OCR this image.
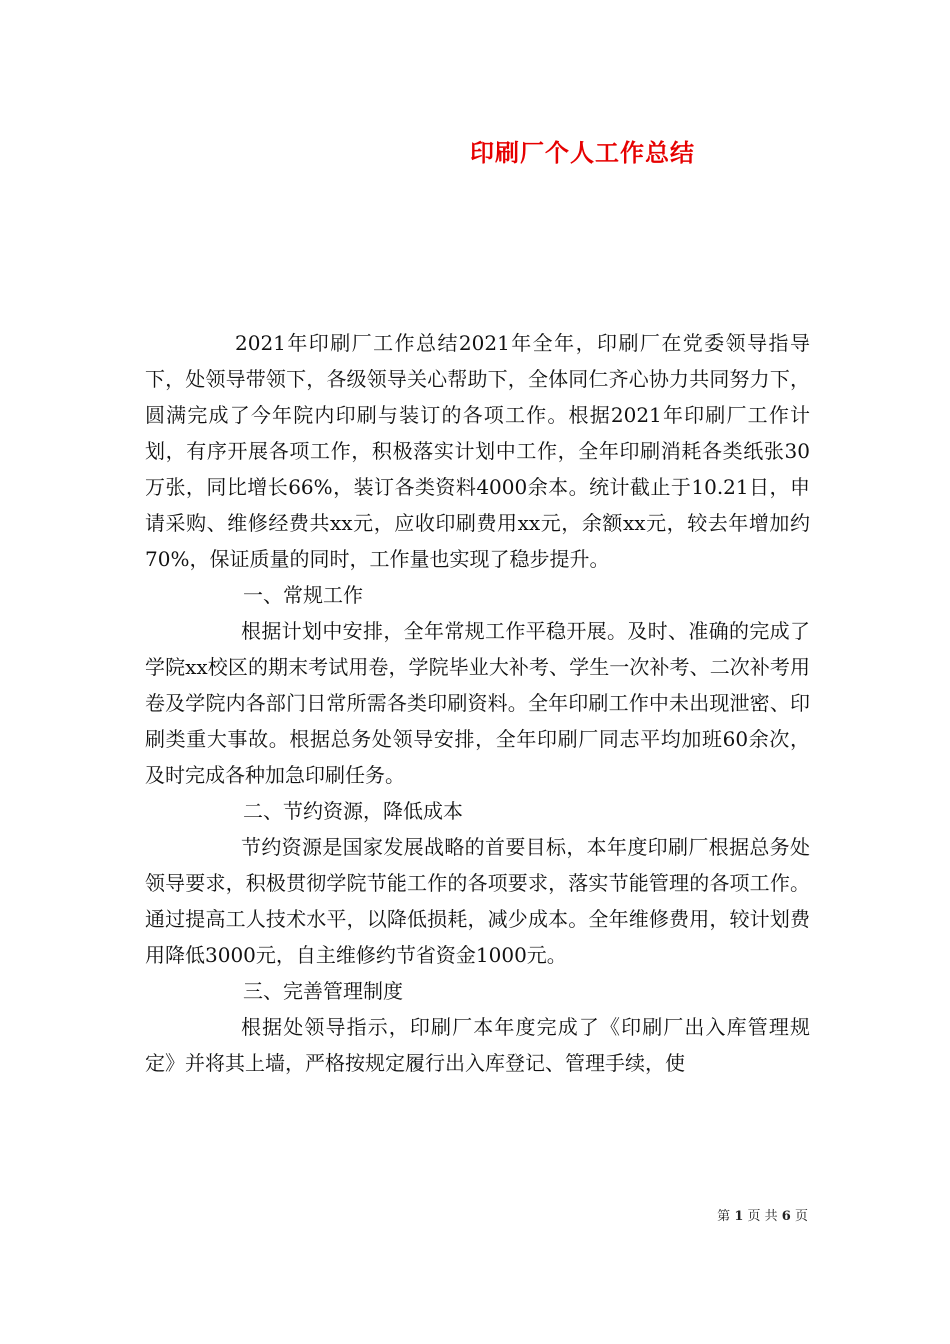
印刷厂个人工作总结

2021年印刷厂工作总结2021年全年，印刷厂在党委领导指导下，处领导带领下，各级领导关心帮助下，全体同仁齐心协力共同努力下，圆满完成了今年院内印刷与装订的各项工作。根据2021年印刷厂工作计划，有序开展各项工作，积极落实计划中工作，全年印刷消耗各类纸张30万张，同比增长66%，装订各类资料4000余本。统计截止于10.21日，申请采购、维修经费共xx元，应收印刷费用xx元，余额xx元，较去年增加约70%，保证质量的同时，工作量也实现了稳步提升。

一、常规工作

根据计划中安排，全年常规工作平稳开展。及时、准确的完成了学院xx校区的期末考试用卷，学院毕业大补考、学生一次补考、二次补考用卷及学院内各部门日常所需各类印刷资料。全年印刷工作中未出现泄密、印刷类重大事故。根据总务处领导安排，全年印刷厂同志平均加班60余次，及时完成各种加急印刷任务。

二、节约资源，降低成本

节约资源是国家发展战略的首要目标，本年度印刷厂根据总务处领导要求，积极贯彻学院节能工作的各项要求，落实节能管理的各项工作。通过提高工人技术水平，以降低损耗，减少成本。全年维修费用，较计划费用降低3000元，自主维修约节省资金1000元。

三、完善管理制度

根据处领导指示，印刷厂本年度完成了《印刷厂出入库管理规定》并将其上墙，严格按规定履行出入库登记、管理手续，使

第 1 页 共 6 页
